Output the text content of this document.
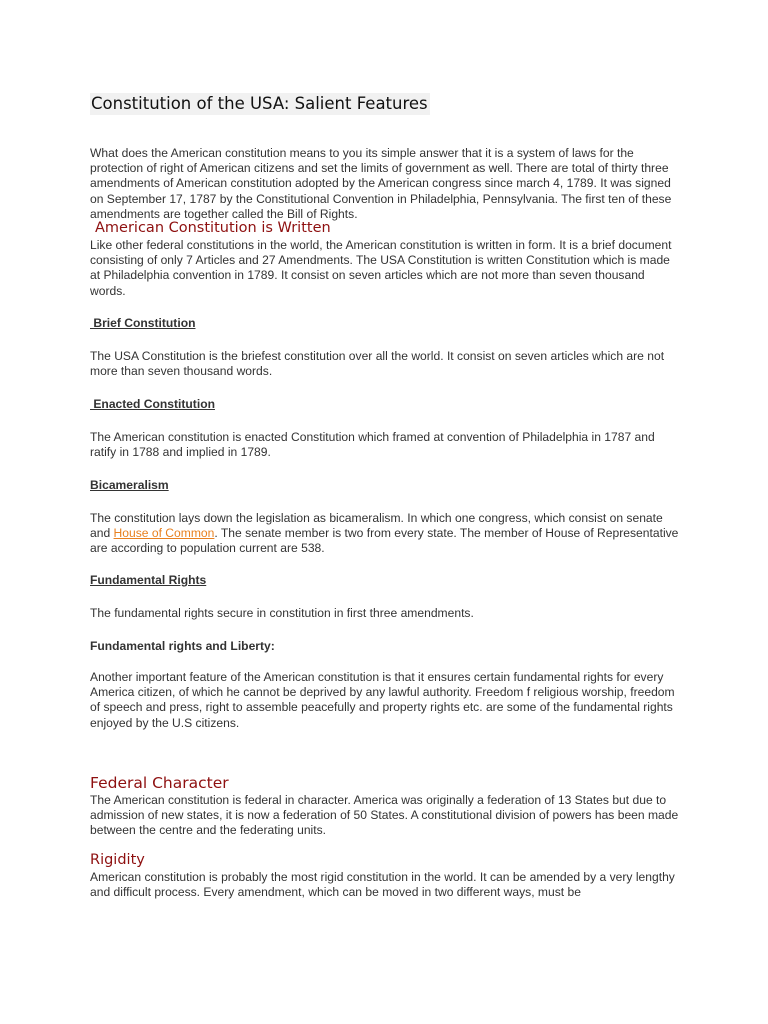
Constitution of the USA: Salient Features

What does the American constitution means to you its simple answer that it is a system of laws for the protection of right of American citizens and set the limits of government as well. There are total of thirty three amendments of American constitution adopted by the American congress since march 4, 1789. It was signed on September 17, 1787 by the Constitutional Convention in Philadelphia, Pennsylvania. The first ten of these amendments are together called the Bill of Rights.

American Constitution is Written

Like other federal constitutions in the world, the American constitution is written in form. It is a brief document consisting of only 7 Articles and 27 Amendments. The USA Constitution is written Constitution which is made at Philadelphia convention in 1789. It consist on seven articles which are not more than seven thousand words.

Brief Constitution

The USA Constitution is the briefest constitution over all the world. It consist on seven articles which are not more than seven thousand words.

Enacted Constitution

The American constitution is enacted Constitution which framed at convention of Philadelphia in 1787 and ratify in 1788 and implied in 1789.

Bicameralism

The constitution lays down the legislation as bicameralism. In which one congress, which consist on senate and House of Common. The senate member is two from every state. The member of House of Representative are according to population current are 538.

Fundamental Rights

The fundamental rights secure in constitution in first three amendments.

Fundamental rights and Liberty:

Another important feature of the American constitution is that it ensures certain fundamental rights for every America citizen, of which he cannot be deprived by any lawful authority. Freedom f religious worship, freedom of speech and press, right to assemble peacefully and property rights etc. are some of the fundamental rights enjoyed by the U.S citizens.

Federal Character

The American constitution is federal in character. America was originally a federation of 13 States but due to admission of new states, it is now a federation of 50 States. A constitutional division of powers has been made between the centre and the federating units.

Rigidity

American constitution is probably the most rigid constitution in the world. It can be amended by a very lengthy and difficult process. Every amendment, which can be moved in two different ways, must be
